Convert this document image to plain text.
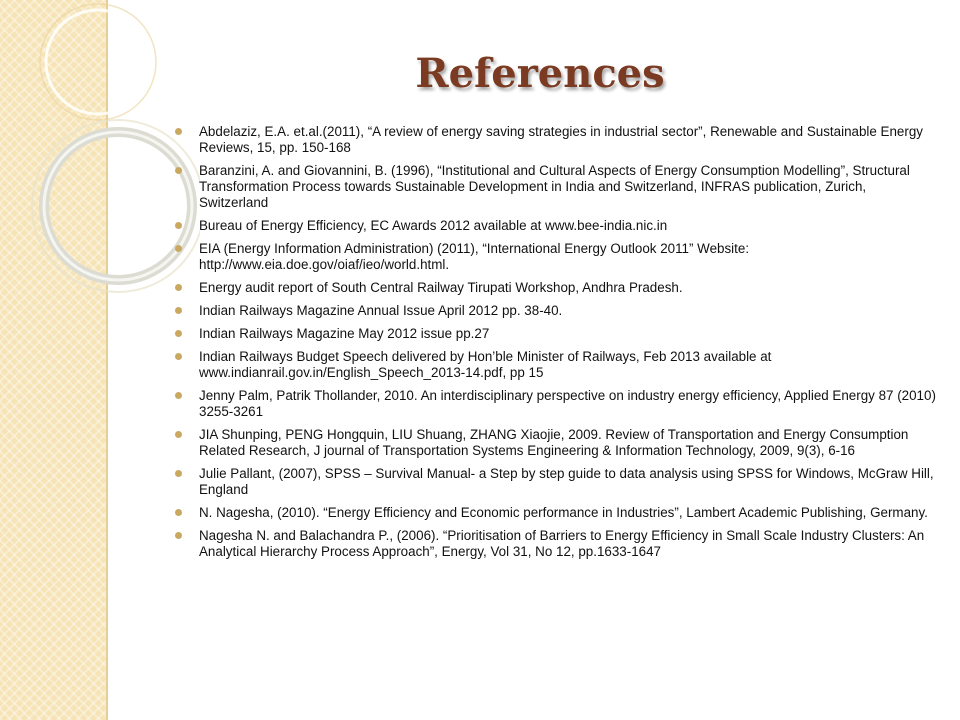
References
Abdelaziz, E.A. et.al.(2011), “A review of energy saving strategies in industrial sector”, Renewable and Sustainable Energy Reviews, 15, pp. 150-168
Baranzini, A. and Giovannini, B. (1996), “Institutional and Cultural Aspects of Energy Consumption Modelling”, Structural Transformation Process towards Sustainable Development in India and Switzerland, INFRAS publication, Zurich, Switzerland
Bureau of Energy Efficiency, EC Awards 2012 available at www.bee-india.nic.in
EIA (Energy Information Administration) (2011), “International Energy Outlook 2011” Website: http://www.eia.doe.gov/oiaf/ieo/world.html.
Energy audit report of South Central Railway Tirupati Workshop, Andhra Pradesh.
Indian Railways Magazine Annual Issue April 2012 pp. 38-40.
Indian Railways Magazine May 2012 issue pp.27
Indian Railways Budget Speech delivered by Hon’ble Minister of Railways, Feb 2013 available at www.indianrail.gov.in/English_Speech_2013-14.pdf, pp 15
Jenny Palm, Patrik Thollander, 2010. An interdisciplinary perspective on industry energy efficiency, Applied Energy 87 (2010) 3255-3261
JIA Shunping, PENG Hongquin, LIU Shuang, ZHANG Xiaojie, 2009. Review of Transportation and Energy Consumption Related Research, J journal of Transportation Systems Engineering & Information Technology, 2009, 9(3), 6-16
Julie Pallant, (2007), SPSS – Survival Manual- a Step by step guide to data analysis using SPSS for Windows, McGraw Hill, England
N. Nagesha, (2010). “Energy Efficiency and Economic performance in Industries”, Lambert Academic Publishing, Germany.
Nagesha N. and Balachandra P., (2006). “Prioritisation of Barriers to Energy Efficiency in Small Scale Industry Clusters: An Analytical Hierarchy Process Approach”, Energy, Vol 31, No 12, pp.1633-1647
